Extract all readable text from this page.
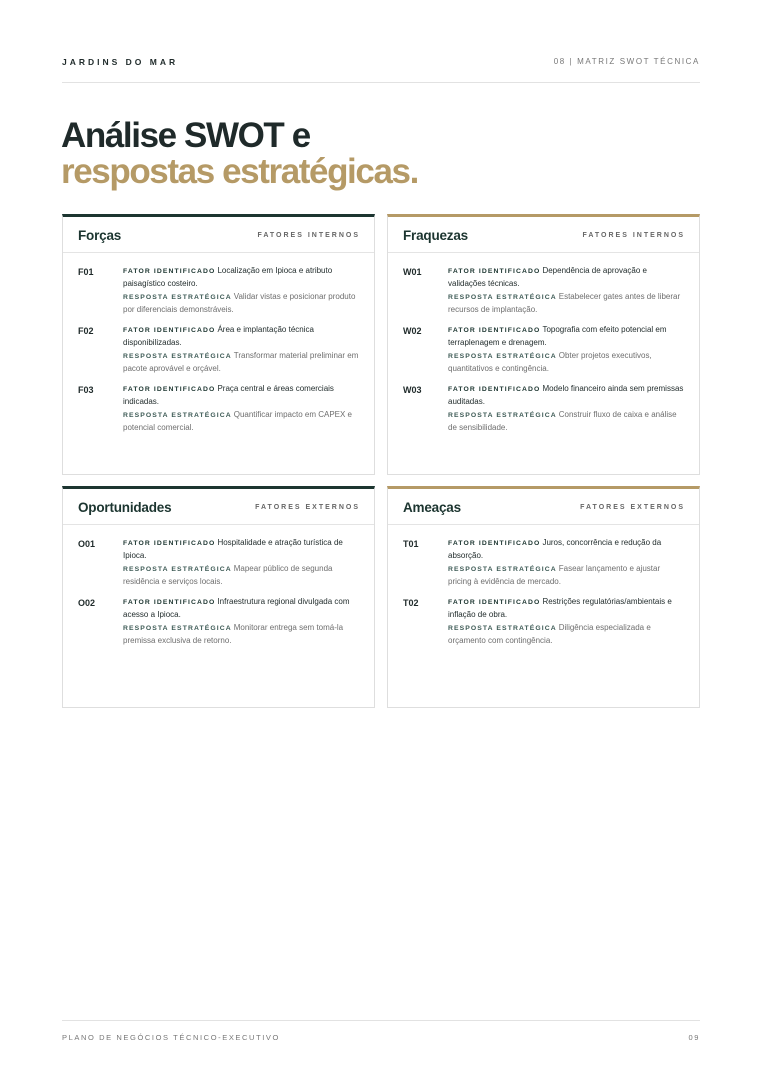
JARDINS DO MAR	08 | MATRIZ SWOT TÉCNICA
Análise SWOT e
respostas estratégicas.
Forças	FATORES INTERNOS
F01	FATOR IDENTIFICADO Localização em Ipioca e atributo paisagístico costeiro.
RESPOSTA ESTRATÉGICA Validar vistas e posicionar produto por diferenciais demonstráveis.
F02	FATOR IDENTIFICADO Área e implantação técnica disponibilizadas.
RESPOSTA ESTRATÉGICA Transformar material preliminar em pacote aprovável e orçável.
F03	FATOR IDENTIFICADO Praça central e áreas comerciais indicadas.
RESPOSTA ESTRATÉGICA Quantificar impacto em CAPEX e potencial comercial.
Fraquezas	FATORES INTERNOS
W01	FATOR IDENTIFICADO Dependência de aprovação e validações técnicas.
RESPOSTA ESTRATÉGICA Estabelecer gates antes de liberar recursos de implantação.
W02	FATOR IDENTIFICADO Topografia com efeito potencial em terraplenagem e drenagem.
RESPOSTA ESTRATÉGICA Obter projetos executivos, quantitativos e contingência.
W03	FATOR IDENTIFICADO Modelo financeiro ainda sem premissas auditadas.
RESPOSTA ESTRATÉGICA Construir fluxo de caixa e análise de sensibilidade.
Oportunidades	FATORES EXTERNOS
O01	FATOR IDENTIFICADO Hospitalidade e atração turística de Ipioca.
RESPOSTA ESTRATÉGICA Mapear público de segunda residência e serviços locais.
O02	FATOR IDENTIFICADO Infraestrutura regional divulgada com acesso a Ipioca.
RESPOSTA ESTRATÉGICA Monitorar entrega sem tomá-la premissa exclusiva de retorno.
Ameaças	FATORES EXTERNOS
T01	FATOR IDENTIFICADO Juros, concorrência e redução da absorção.
RESPOSTA ESTRATÉGICA Fasear lançamento e ajustar pricing à evidência de mercado.
T02	FATOR IDENTIFICADO Restrições regulatórias/ambientais e inflação de obra.
RESPOSTA ESTRATÉGICA Diligência especializada e orçamento com contingência.
PLANO DE NEGÓCIOS TÉCNICO-EXECUTIVO	09
